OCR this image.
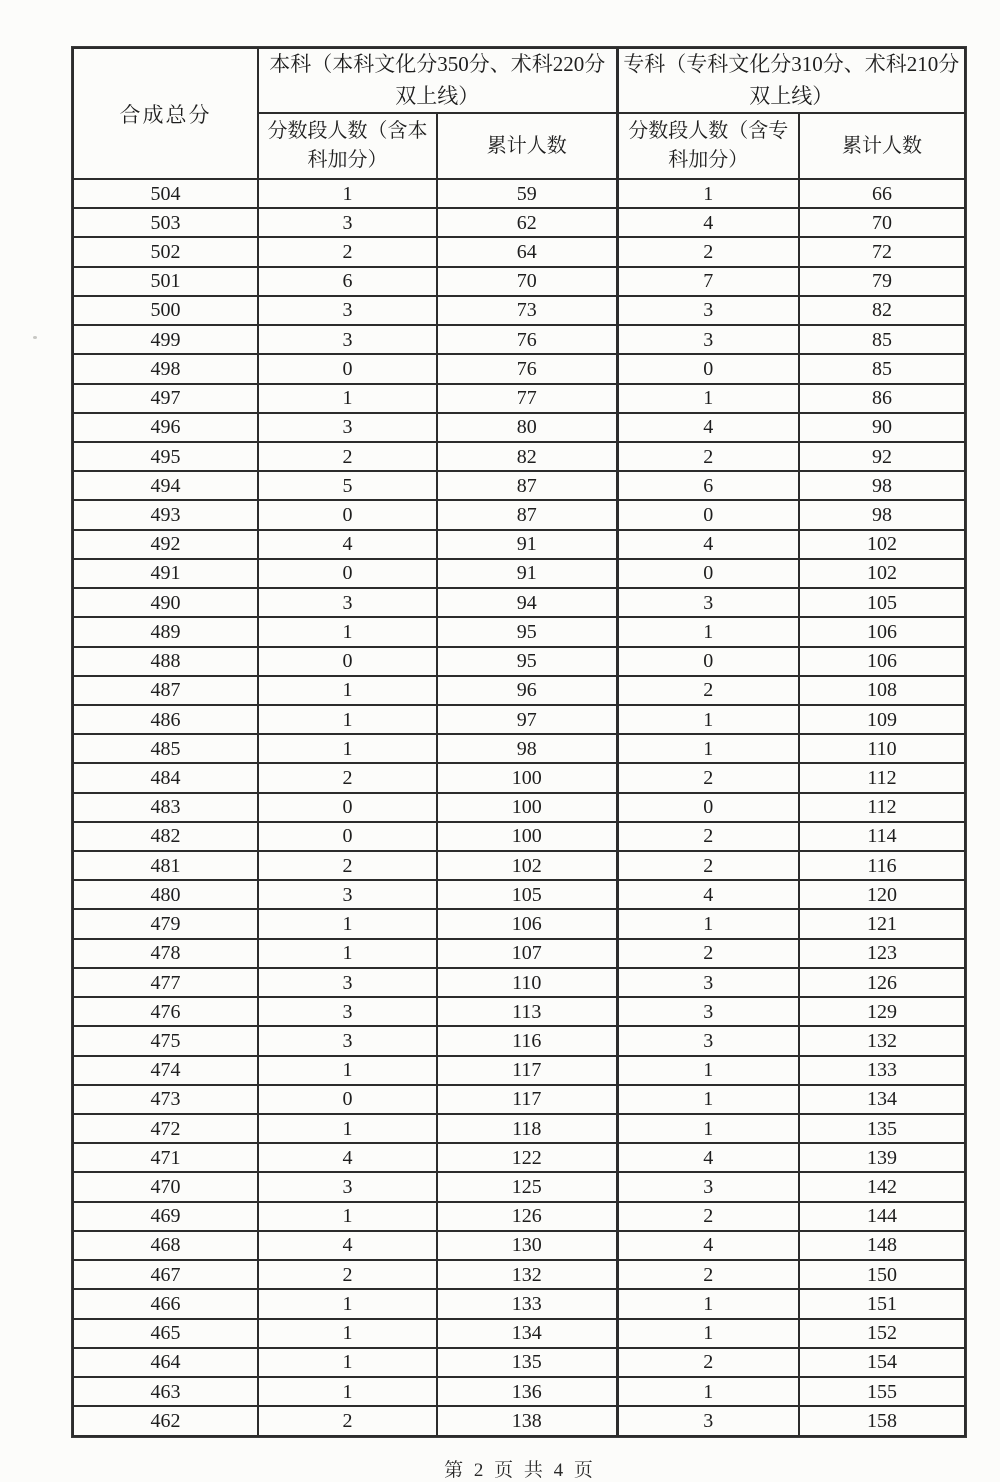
合成总分	本科（本科文化分350分、术科220分双上线）		专科（专科文化分310分、术科210分双上线）	
	分数段人数（含本科加分）	累计人数	分数段人数（含专科加分）	累计人数
504	1	59	1	66
503	3	62	4	70
502	2	64	2	72
501	6	70	7	79
500	3	73	3	82
499	3	76	3	85
498	0	76	0	85
497	1	77	1	86
496	3	80	4	90
495	2	82	2	92
494	5	87	6	98
493	0	87	0	98
492	4	91	4	102
491	0	91	0	102
490	3	94	3	105
489	1	95	1	106
488	0	95	0	106
487	1	96	2	108
486	1	97	1	109
485	1	98	1	110
484	2	100	2	112
483	0	100	0	112
482	0	100	2	114
481	2	102	2	116
480	3	105	4	120
479	1	106	1	121
478	1	107	2	123
477	3	110	3	126
476	3	113	3	129
475	3	116	3	132
474	1	117	1	133
473	0	117	1	134
472	1	118	1	135
471	4	122	4	139
470	3	125	3	142
469	1	126	2	144
468	4	130	4	148
467	2	132	2	150
466	1	133	1	151
465	1	134	1	152
464	1	135	2	154
463	1	136	1	155
462	2	138	3	158
第 2 页 共 4 页
